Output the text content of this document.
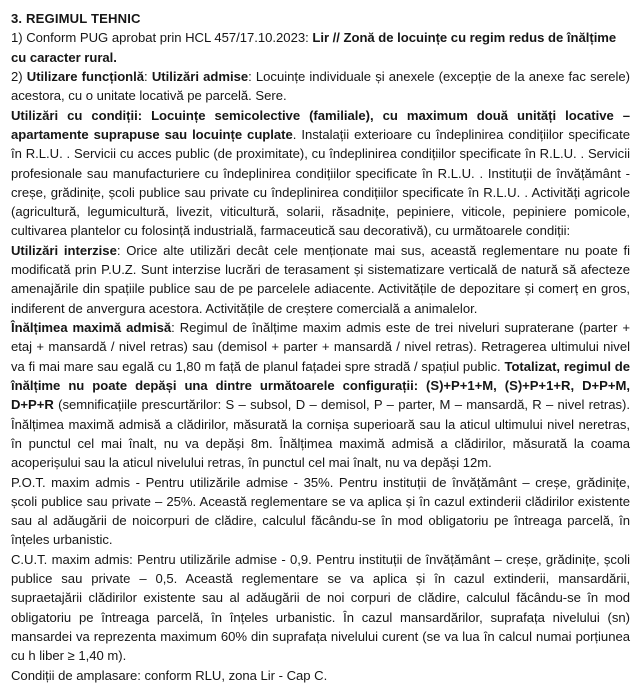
3. REGIMUL TEHNIC
1) Conform PUG aprobat prin HCL 457/17.10.2023: Lir // Zonă de locuințe cu regim redus de înălțime cu caracter rural.
2) Utilizare funcționlă: Utilizări admise: Locuințe individuale și anexele (excepție de la anexe fac serele) acestora, cu o unitate locativă pe parcelă. Sere.
Utilizări cu condiții: Locuințe semicolective (familiale), cu maximum două unități locative – apartamente suprapuse sau locuințe cuplate. Instalații exterioare cu îndeplinirea condițiilor specificate în R.L.U. . Servicii cu acces public (de proximitate), cu îndeplinirea condițiilor specificate în R.L.U. . Servicii profesionale sau manufacturiere cu îndeplinirea condițiilor specificate în R.L.U. . Instituții de învățământ - creșe, grădinițe, școli publice sau private cu îndeplinirea condițiilor specificate în R.L.U. . Activități agricole (agricultură, legumicultură, livezit, viticultură, solarii, răsadnițe, pepiniere, viticole, pepiniere pomicole, cultivarea plantelor cu folosință industrială, farmaceutică sau decorativă), cu următoarele condiții:
Utilizări interzise: Orice alte utilizări decât cele menționate mai sus, această reglementare nu poate fi modificată prin P.U.Z. Sunt interzise lucrări de terasament și sistematizare verticală de natură să afecteze amenajările din spațiile publice sau de pe parcelele adiacente. Activitățile de depozitare și comerț en gros, indiferent de anvergura acestora. Activitățile de creștere comercială a animalelor.
Înălțimea maximă admisă: Regimul de înălțime maxim admis este de trei niveluri supraterane (parter + etaj + mansardă / nivel retras) sau (demisol + parter + mansardă / nivel retras). Retragerea ultimului nivel va fi mai mare sau egală cu 1,80 m față de planul fațadei spre stradă / spațiul public. Totalizat, regimul de înălțime nu poate depăși una dintre următoarele configurații: (S)+P+1+M, (S)+P+1+R, D+P+M, D+P+R (semnificațiile prescurtărilor: S – subsol, D – demisol, P – parter, M – mansardă, R – nivel retras). Înălțimea maximă admisă a clădirilor, măsurată la cornișa superioară sau la aticul ultimului nivel neretras, în punctul cel mai înalt, nu va depăși 8m. Înălțimea maximă admisă a clădirilor, măsurată la coama acoperișului sau la aticul nivelului retras, în punctul cel mai înalt, nu va depăși 12m.
P.O.T. maxim admis - Pentru utilizările admise - 35%. Pentru instituții de învățământ – creșe, grădinițe, școli publice sau private – 25%. Această reglementare se va aplica și în cazul extinderii clădirilor existente sau al adăugării de noicorpuri de clădire, calculul făcându-se în mod obligatoriu pe întreaga parcelă, în înțeles urbanistic.
C.U.T. maxim admis: Pentru utilizările admise - 0,9. Pentru instituții de învățământ – creșe, grădinițe, școli publice sau private – 0,5. Această reglementare se va aplica și în cazul extinderii, mansardării, supraetajării clădirilor existente sau al adăugării de noi corpuri de clădire, calculul făcându-se în mod obligatoriu pe întreaga parcelă, în înțeles urbanistic. În cazul mansardărilor, suprafața nivelului (sn) mansardei va reprezenta maximum 60% din suprafața nivelului curent (se va lua în calcul numai porțiunea cu h liber ≥ 1,40 m).
Condiții de amplasare: conform RLU, zona Lir - Cap C.
